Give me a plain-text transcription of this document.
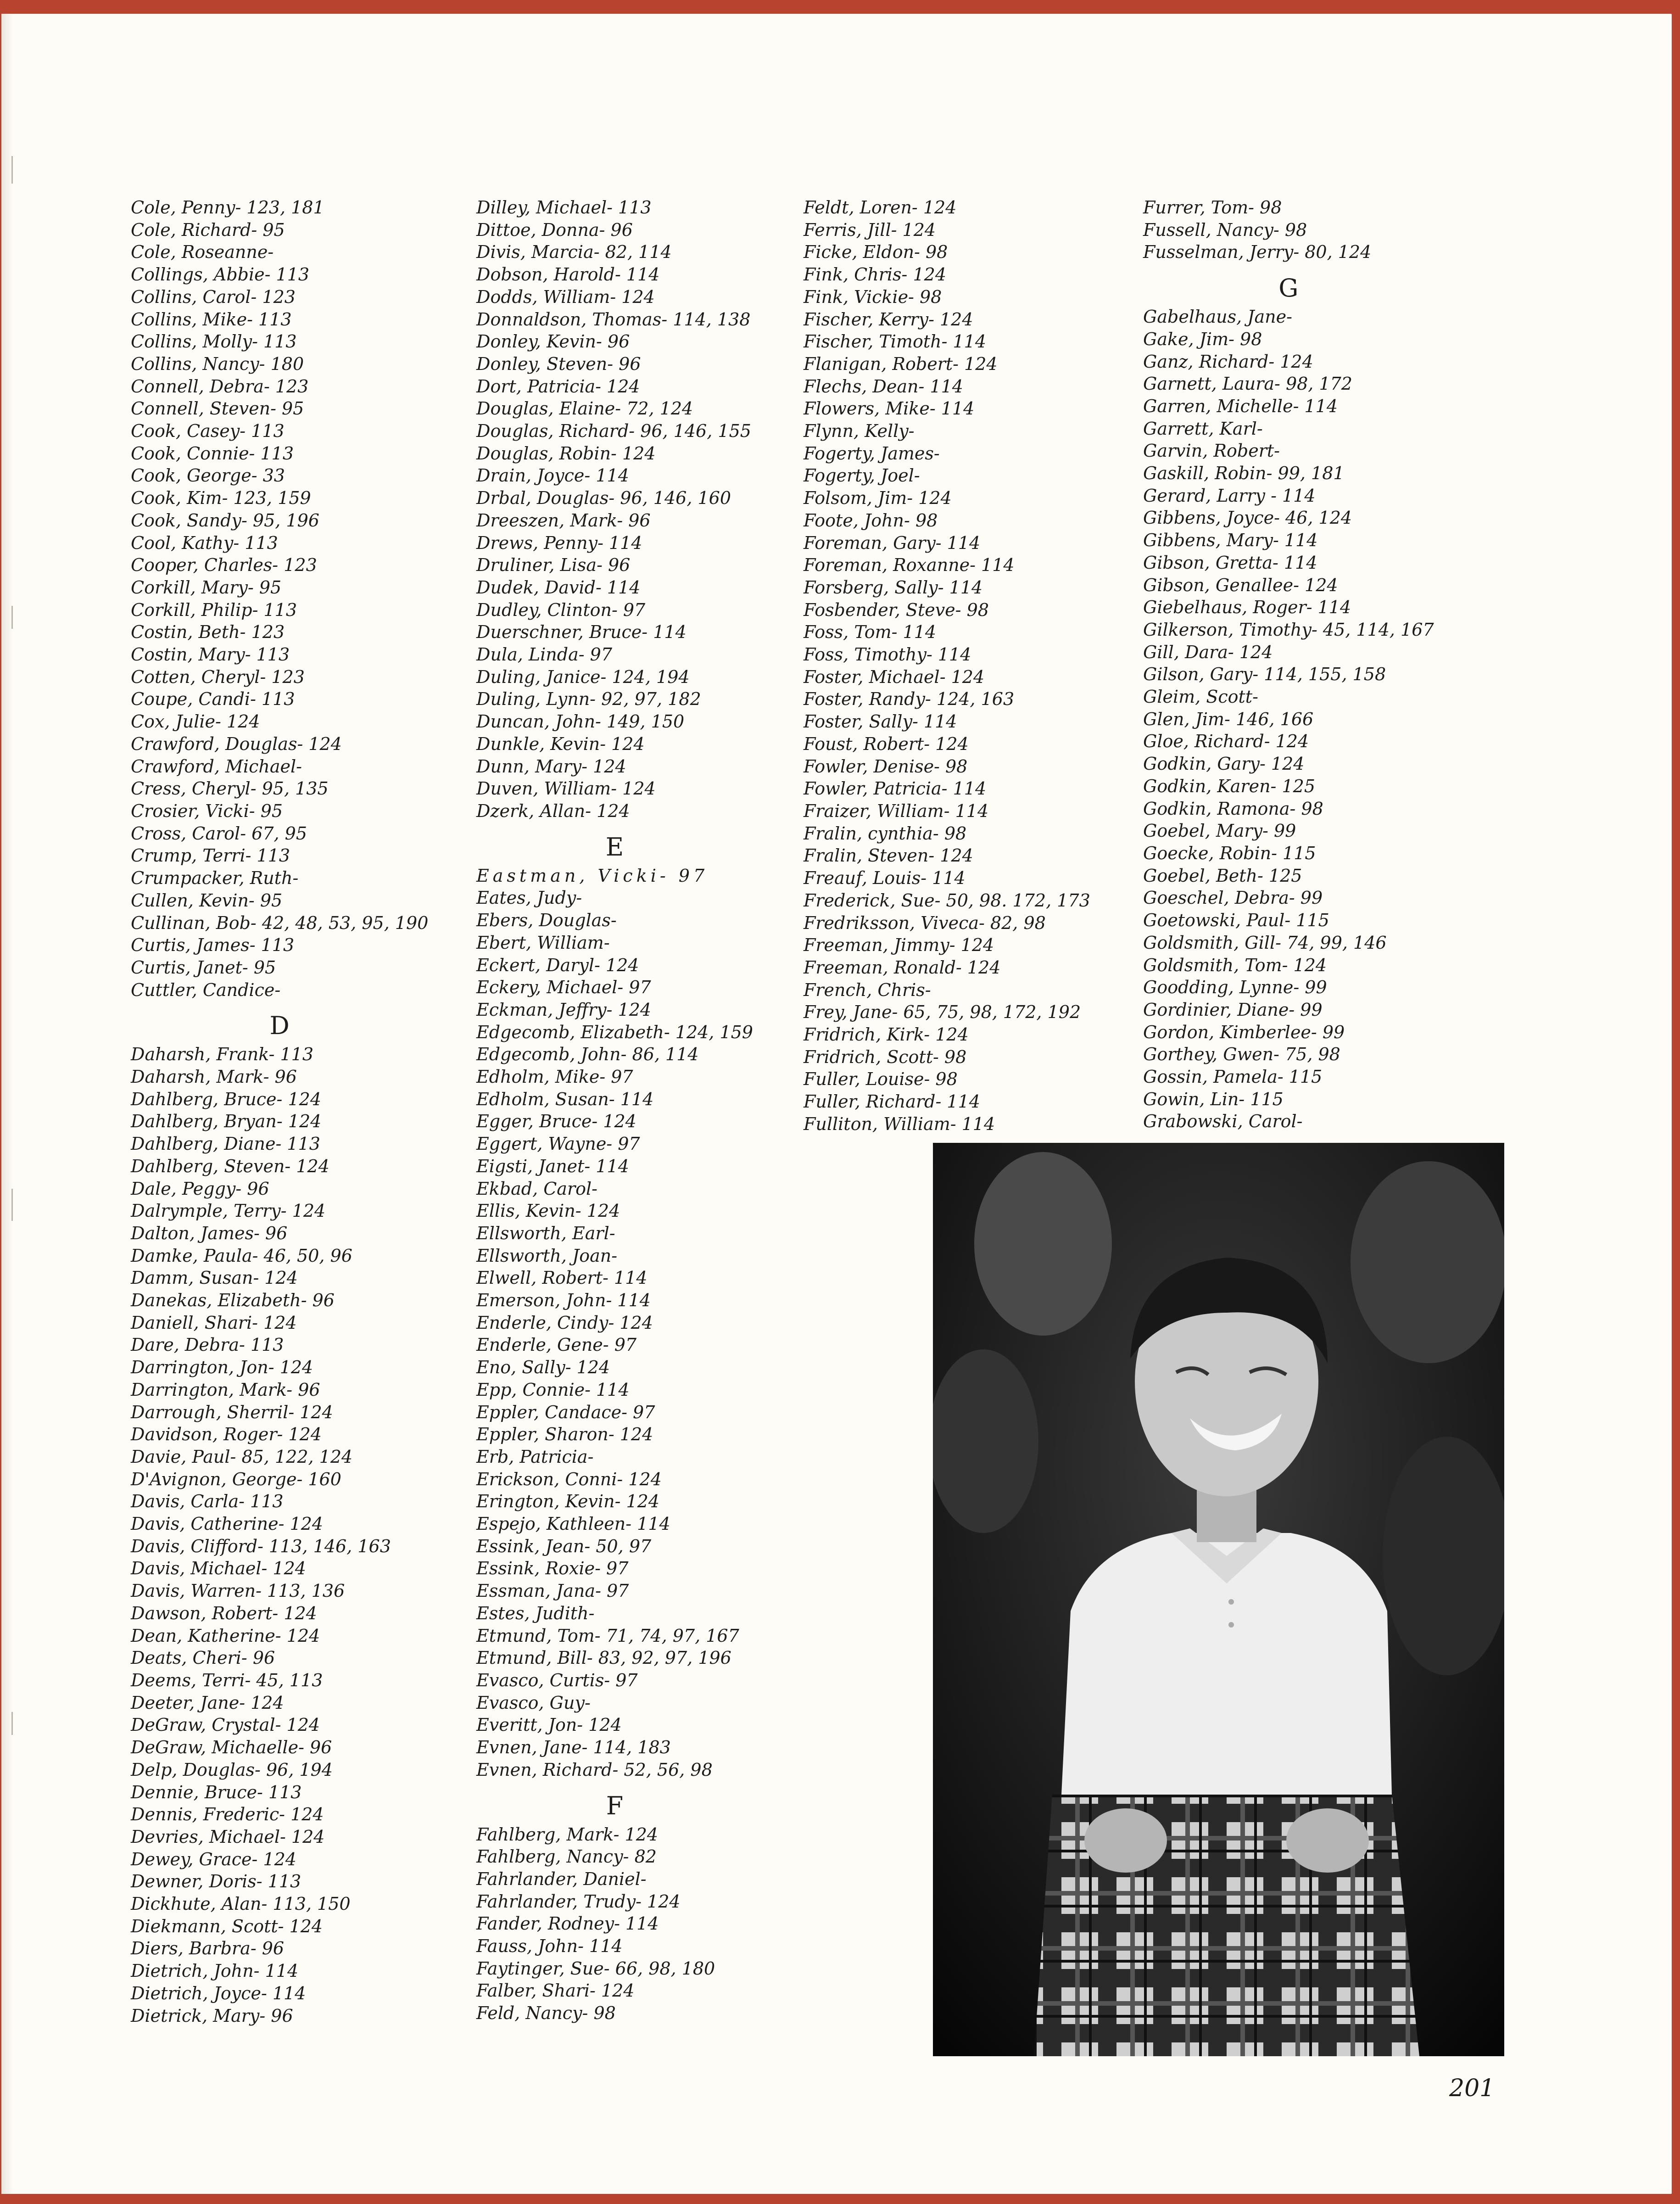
Cole, Penny- 123, 181
Cole, Richard- 95
Cole, Roseanne-
Collings, Abbie- 113
Collins, Carol- 123
Collins, Mike- 113
Collins, Molly- 113
Collins, Nancy- 180
Connell, Debra- 123
Connell, Steven- 95
Cook, Casey- 113
Cook, Connie- 113
Cook, George- 33
Cook, Kim- 123, 159
Cook, Sandy- 95, 196
Cool, Kathy- 113
Cooper, Charles- 123
Corkill, Mary- 95
Corkill, Philip- 113
Costin, Beth- 123
Costin, Mary- 113
Cotten, Cheryl- 123
Coupe, Candi- 113
Cox, Julie- 124
Crawford, Douglas- 124
Crawford, Michael-
Cress, Cheryl- 95, 135
Crosier, Vicki- 95
Cross, Carol- 67, 95
Crump, Terri- 113
Crumpacker, Ruth-
Cullen, Kevin- 95
Cullinan, Bob- 42, 48, 53, 95, 190
Curtis, James- 113
Curtis, Janet- 95
Cuttler, Candice-
D
Daharsh, Frank- 113
Daharsh, Mark- 96
Dahlberg, Bruce- 124
Dahlberg, Bryan- 124
Dahlberg, Diane- 113
Dahlberg, Steven- 124
Dale, Peggy- 96
Dalrymple, Terry- 124
Dalton, James- 96
Damke, Paula- 46, 50, 96
Damm, Susan- 124
Danekas, Elizabeth- 96
Daniell, Shari- 124
Dare, Debra- 113
Darrington, Jon- 124
Darrington, Mark- 96
Darrough, Sherril- 124
Davidson, Roger- 124
Davie, Paul- 85, 122, 124
D'Avignon, George- 160
Davis, Carla- 113
Davis, Catherine- 124
Davis, Clifford- 113, 146, 163
Davis, Michael- 124
Davis, Warren- 113, 136
Dawson, Robert- 124
Dean, Katherine- 124
Deats, Cheri- 96
Deems, Terri- 45, 113
Deeter, Jane- 124
DeGraw, Crystal- 124
DeGraw, Michaelle- 96
Delp, Douglas- 96, 194
Dennie, Bruce- 113
Dennis, Frederic- 124
Devries, Michael- 124
Dewey, Grace- 124
Dewner, Doris- 113
Dickhute, Alan- 113, 150
Diekmann, Scott- 124
Diers, Barbra- 96
Dietrich, John- 114
Dietrich, Joyce- 114
Dietrick, Mary- 96
Dilley, Michael- 113
Dittoe, Donna- 96
Divis, Marcia- 82, 114
Dobson, Harold- 114
Dodds, William- 124
Donnaldson, Thomas- 114, 138
Donley, Kevin- 96
Donley, Steven- 96
Dort, Patricia- 124
Douglas, Elaine- 72, 124
Douglas, Richard- 96, 146, 155
Douglas, Robin- 124
Drain, Joyce- 114
Drbal, Douglas- 96, 146, 160
Dreeszen, Mark- 96
Drews, Penny- 114
Druliner, Lisa- 96
Dudek, David- 114
Dudley, Clinton- 97
Duerschner, Bruce- 114
Dula, Linda- 97
Duling, Janice- 124, 194
Duling, Lynn- 92, 97, 182
Duncan, John- 149, 150
Dunkle, Kevin- 124
Dunn, Mary- 124
Duven, William- 124
Dzerk, Allan- 124
E
Eastman, Vicki- 97
Eates, Judy-
Ebers, Douglas-
Ebert, William-
Eckert, Daryl- 124
Eckery, Michael- 97
Eckman, Jeffry- 124
Edgecomb, Elizabeth- 124, 159
Edgecomb, John- 86, 114
Edholm, Mike- 97
Edholm, Susan- 114
Egger, Bruce- 124
Eggert, Wayne- 97
Eigsti, Janet- 114
Ekbad, Carol-
Ellis, Kevin- 124
Ellsworth, Earl-
Ellsworth, Joan-
Elwell, Robert- 114
Emerson, John- 114
Enderle, Cindy- 124
Enderle, Gene- 97
Eno, Sally- 124
Epp, Connie- 114
Eppler, Candace- 97
Eppler, Sharon- 124
Erb, Patricia-
Erickson, Conni- 124
Erington, Kevin- 124
Espejo, Kathleen- 114
Essink, Jean- 50, 97
Essink, Roxie- 97
Essman, Jana- 97
Estes, Judith-
Etmund, Tom- 71, 74, 97, 167
Etmund, Bill- 83, 92, 97, 196
Evasco, Curtis- 97
Evasco, Guy-
Everitt, Jon- 124
Evnen, Jane- 114, 183
Evnen, Richard- 52, 56, 98
F
Fahlberg, Mark- 124
Fahlberg, Nancy- 82
Fahrlander, Daniel-
Fahrlander, Trudy- 124
Fander, Rodney- 114
Fauss, John- 114
Faytinger, Sue- 66, 98, 180
Falber, Shari- 124
Feld, Nancy- 98
Feldt, Loren- 124
Ferris, Jill- 124
Ficke, Eldon- 98
Fink, Chris- 124
Fink, Vickie- 98
Fischer, Kerry- 124
Fischer, Timoth- 114
Flanigan, Robert- 124
Flechs, Dean- 114
Flowers, Mike- 114
Flynn, Kelly-
Fogerty, James-
Fogerty, Joel-
Folsom, Jim- 124
Foote, John- 98
Foreman, Gary- 114
Foreman, Roxanne- 114
Forsberg, Sally- 114
Fosbender, Steve- 98
Foss, Tom- 114
Foss, Timothy- 114
Foster, Michael- 124
Foster, Randy- 124, 163
Foster, Sally- 114
Foust, Robert- 124
Fowler, Denise- 98
Fowler, Patricia- 114
Fraizer, William- 114
Fralin, cynthia- 98
Fralin, Steven- 124
Freauf, Louis- 114
Frederick, Sue- 50, 98. 172, 173
Fredriksson, Viveca- 82, 98
Freeman, Jimmy- 124
Freeman, Ronald- 124
French, Chris-
Frey, Jane- 65, 75, 98, 172, 192
Fridrich, Kirk- 124
Fridrich, Scott- 98
Fuller, Louise- 98
Fuller, Richard- 114
Fulliton, William- 114
Furrer, Tom- 98
Fussell, Nancy- 98
Fusselman, Jerry- 80, 124
G
Gabelhaus, Jane-
Gake, Jim- 98
Ganz, Richard- 124
Garnett, Laura- 98, 172
Garren, Michelle- 114
Garrett, Karl-
Garvin, Robert-
Gaskill, Robin- 99, 181
Gerard, Larry - 114
Gibbens, Joyce- 46, 124
Gibbens, Mary- 114
Gibson, Gretta- 114
Gibson, Genallee- 124
Giebelhaus, Roger- 114
Gilkerson, Timothy- 45, 114, 167
Gill, Dara- 124
Gilson, Gary- 114, 155, 158
Gleim, Scott-
Glen, Jim- 146, 166
Gloe, Richard- 124
Godkin, Gary- 124
Godkin, Karen- 125
Godkin, Ramona- 98
Goebel, Mary- 99
Goecke, Robin- 115
Goebel, Beth- 125
Goeschel, Debra- 99
Goetowski, Paul- 115
Goldsmith, Gill- 74, 99, 146
Goldsmith, Tom- 124
Goodding, Lynne- 99
Gordinier, Diane- 99
Gordon, Kimberlee- 99
Gorthey, Gwen- 75, 98
Gossin, Pamela- 115
Gowin, Lin- 115
Grabowski, Carol-
201
